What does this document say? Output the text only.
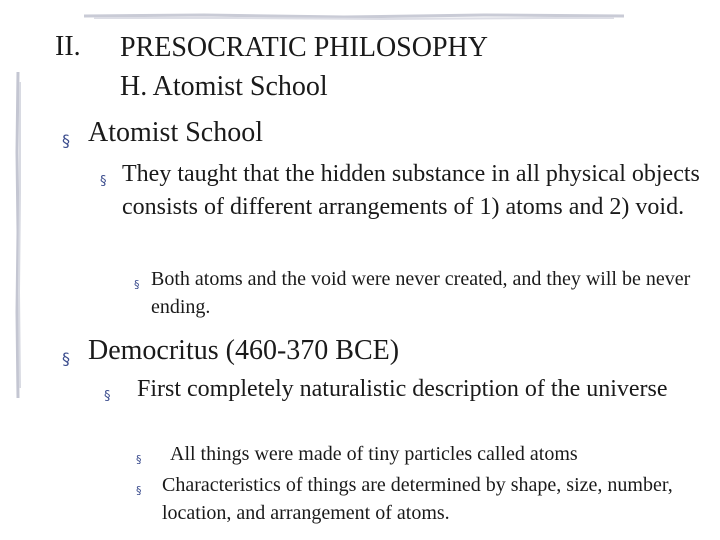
II. PRESOCRATIC PHILOSOPHY
H. Atomist School
§ Atomist School
§ They taught that the hidden substance in all physical objects consists of different arrangements of 1) atoms and 2) void.
§ Both atoms and the void were never created, and they will be never ending.
§ Democritus (460-370 BCE)
§	First completely naturalistic description of the universe
§	All things were made of tiny particles called atoms
§	Characteristics of things are determined by shape, size, number, location, and arrangement of atoms.
